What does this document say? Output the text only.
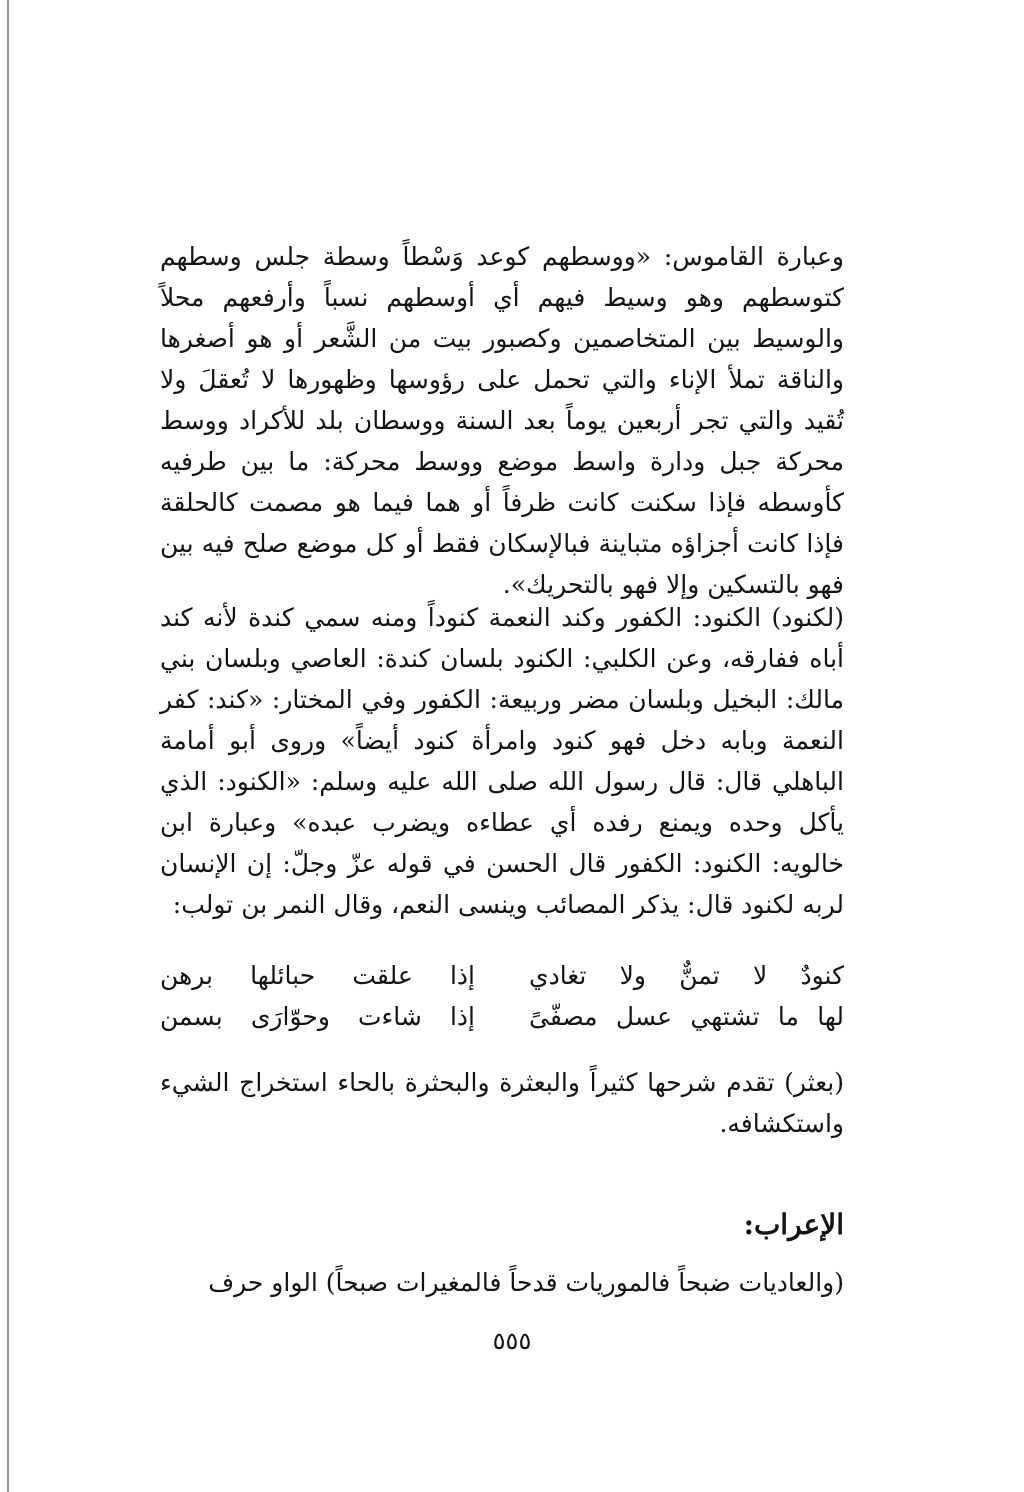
وعبارة القاموس: «ووسطهم كوعد وَسْطاً وسطة جلس وسطهم كتوسطهم وهو وسيط فيهم أي أوسطهم نسباً وأرفعهم محلاً والوسيط بين المتخاصمين وكصبور بيت من الشَّعر أو هو أصغرها والناقة تملأ الإناء والتي تحمل على رؤوسها وظهورها لا تُعقلَ ولا تُقيد والتي تجر أربعين يوماً بعد السنة ووسطان بلد للأكراد ووسط محركة جبل ودارة واسط موضع ووسط محركة: ما بين طرفيه كأوسطه فإذا سكنت كانت ظرفاً أو هما فيما هو مصمت كالحلقة فإذا كانت أجزاؤه متباينة فبالإسكان فقط أو كل موضع صلح فيه بين فهو بالتسكين وإلا فهو بالتحريك».

(لكنود) الكنود: الكفور وكند النعمة كنوداً ومنه سمي كندة لأنه كند أباه ففارقه، وعن الكلبي: الكنود بلسان كندة: العاصي وبلسان بني مالك: البخيل وبلسان مضر وربيعة: الكفور وفي المختار: «كند: كفر النعمة وبابه دخل فهو كنود وامرأة كنود أيضاً» وروى أبو أمامة الباهلي قال: قال رسول الله صلى الله عليه وسلم: «الكنود: الذي يأكل وحده ويمنع رفده أي عطاءه ويضرب عبده» وعبارة ابن خالويه: الكنود: الكفور قال الحسن في قوله عزّ وجلّ: إن الإنسان لربه لكنود قال: يذكر المصائب وينسى النعم، وقال النمر بن تولب:

كنودٌ لا تمنٌّ ولا تغادي
إذا علقت حبائلها برهن
لها ما تشتهي عسل مصفّىً
إذا شاءت وحوّارَى بسمن

(بعثر) تقدم شرحها كثيراً والبعثرة والبحثرة بالحاء استخراج الشيء واستكشافه.

الإعراب:

(والعاديات ضبحاً فالموريات قدحاً فالمغيرات صبحاً) الواو حرف

٥٥٥
